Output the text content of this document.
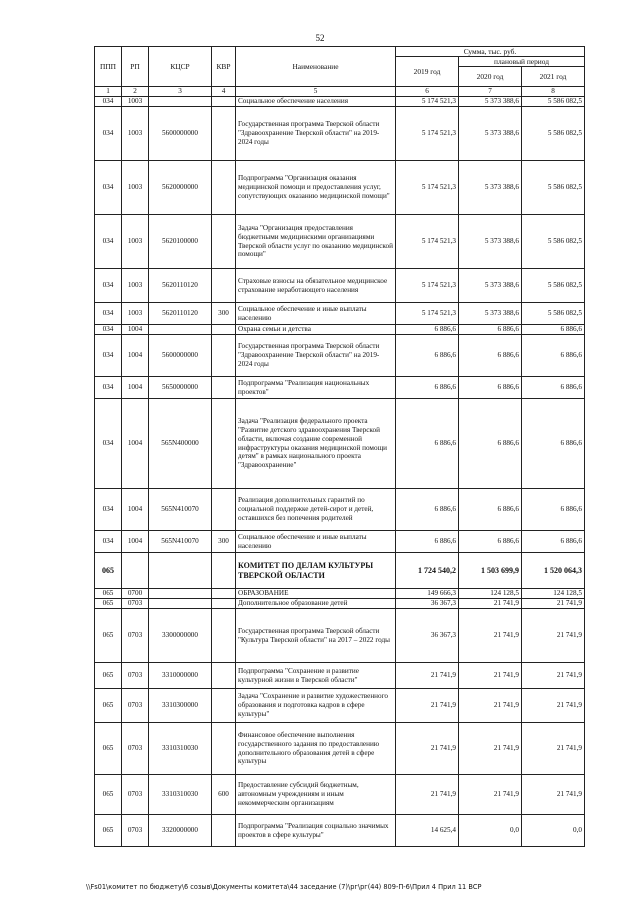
52
ППП	РП	КЦСР	КВР	Наименование	Сумма, тыс. руб.		
					2019 год	плановый период	
						2020 год	2021 год
1	2	3	4	5	6	7	8
034	1003			Социальное обеспечение населения	5 174 521,3	5 373 388,6	5 586 082,5
034	1003	5600000000		Государственная программа Тверской области "Здравоохранение Тверской области" на 2019-2024 годы	5 174 521,3	5 373 388,6	5 586 082,5
034	1003	5620000000		Подпрограмма "Организация оказания медицинской помощи и предоставления услуг, сопутствующих оказанию медицинской помощи"	5 174 521,3	5 373 388,6	5 586 082,5
034	1003	5620100000		Задача "Организация предоставления бюджетными медицинскими организациями Тверской области услуг по оказанию медицинской помощи"	5 174 521,3	5 373 388,6	5 586 082,5
034	1003	5620110120		Страховые взносы на обязательное медицинское страхование неработающего населения	5 174 521,3	5 373 388,6	5 586 082,5
034	1003	5620110120	300	Социальное обеспечение и иные выплаты населению	5 174 521,3	5 373 388,6	5 586 082,5
034	1004			Охрана семьи и детства	6 886,6	6 886,6	6 886,6
034	1004	5600000000		Государственная программа Тверской области "Здравоохранение Тверской области" на 2019-2024 годы	6 886,6	6 886,6	6 886,6
034	1004	5650000000		Подпрограмма "Реализация национальных проектов"	6 886,6	6 886,6	6 886,6
034	1004	565N400000		Задача "Реализация федерального проекта "Развитие детского здравоохранения Тверской области, включая создание современной инфраструктуры оказания медицинской помощи детям" в рамках национального проекта "Здравоохранение"	6 886,6	6 886,6	6 886,6
034	1004	565N410070		Реализация дополнительных гарантий по социальной поддержке детей-сирот и детей, оставшихся без попечения родителей	6 886,6	6 886,6	6 886,6
034	1004	565N410070	300	Социальное обеспечение и иные выплаты населению	6 886,6	6 886,6	6 886,6
065				КОМИТЕТ ПО ДЕЛАМ КУЛЬТУРЫ ТВЕРСКОЙ ОБЛАСТИ	1 724 540,2	1 503 699,9	1 520 064,3
065	0700			ОБРАЗОВАНИЕ	149 666,3	124 128,5	124 128,5
065	0703			Дополнительное образование детей	36 367,3	21 741,9	21 741,9
065	0703	3300000000		Государственная программа Тверской области "Культура Тверской области" на 2017 – 2022 годы	36 367,3	21 741,9	21 741,9
065	0703	3310000000		Подпрограмма "Сохранение и развитие культурной жизни в Тверской области"	21 741,9	21 741,9	21 741,9
065	0703	3310300000		Задача "Сохранение и развитие художественного образования и подготовка кадров в сфере культуры"	21 741,9	21 741,9	21 741,9
065	0703	3310310030		Финансовое обеспечение выполнения государственного задания по предоставлению дополнительного образования детей в сфере культуры	21 741,9	21 741,9	21 741,9
065	0703	3310310030	600	Предоставление субсидий бюджетным, автономным учреждениям и иным некоммерческим организациям	21 741,9	21 741,9	21 741,9
065	0703	3320000000		Подпрограмма "Реализация социально значимых проектов в сфере культуры"	14 625,4	0,0	0,0
\\Fs01\комитет по бюджету\6 созыв\Документы комитета\44 заседание (7)\рг\рг(44) 809-П-6\Прил 4 Прил 11 ВСР
